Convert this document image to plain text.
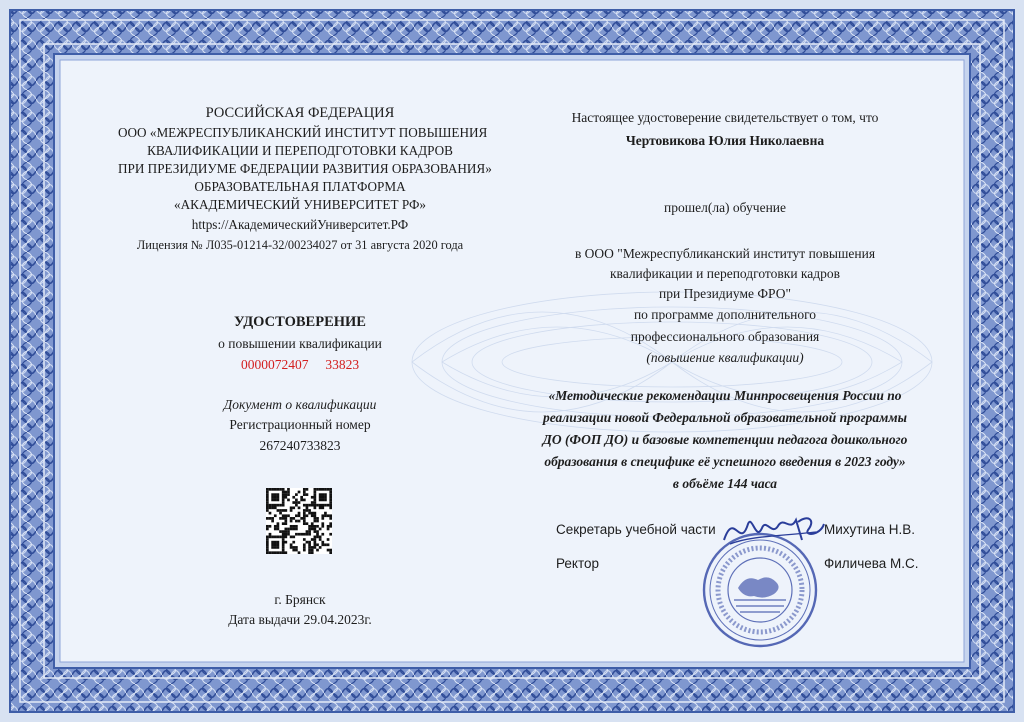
РОССИЙСКАЯ ФЕДЕРАЦИЯ
ООО «МЕЖРЕСПУБЛИКАНСКИЙ ИНСТИТУТ ПОВЫШЕНИЯ
КВАЛИФИКАЦИИ И ПЕРЕПОДГОТОВКИ КАДРОВ
ПРИ ПРЕЗИДИУМЕ ФЕДЕРАЦИИ РАЗВИТИЯ ОБРАЗОВАНИЯ»
ОБРАЗОВАТЕЛЬНАЯ ПЛАТФОРМА
«АКАДЕМИЧЕСКИЙ УНИВЕРСИТЕТ РФ»
https://АкадемическийУниверситет.РФ
Лицензия № Л035-01214-32/00234027 от 31 августа 2020 года
УДОСТОВЕРЕНИЕ
о повышении квалификации
0000072407 33823
Документ о квалификации
Регистрационный номер
267240733823
г. Брянск
Дата выдачи 29.04.2023г.
Настоящее удостоверение свидетельствует о том, что
Чертовикова Юлия Николаевна
прошел(ла) обучение
в ООО "Межреспубликанский институт повышения
квалификации и переподготовки кадров
при Президиуме ФРО"
по программе дополнительного
профессионального образования
(повышение квалификации)
«Методические рекомендации Минпросвещения России по
реализации новой Федеральной образовательной программы
ДО (ФОП ДО) и базовые компетенции педагога дошкольного
образования в специфике её успешного введения в 2023 году»
в объёме 144 часа
Секретарь учебной части	Михутина Н.В.
Ректор	Филичева М.С.
